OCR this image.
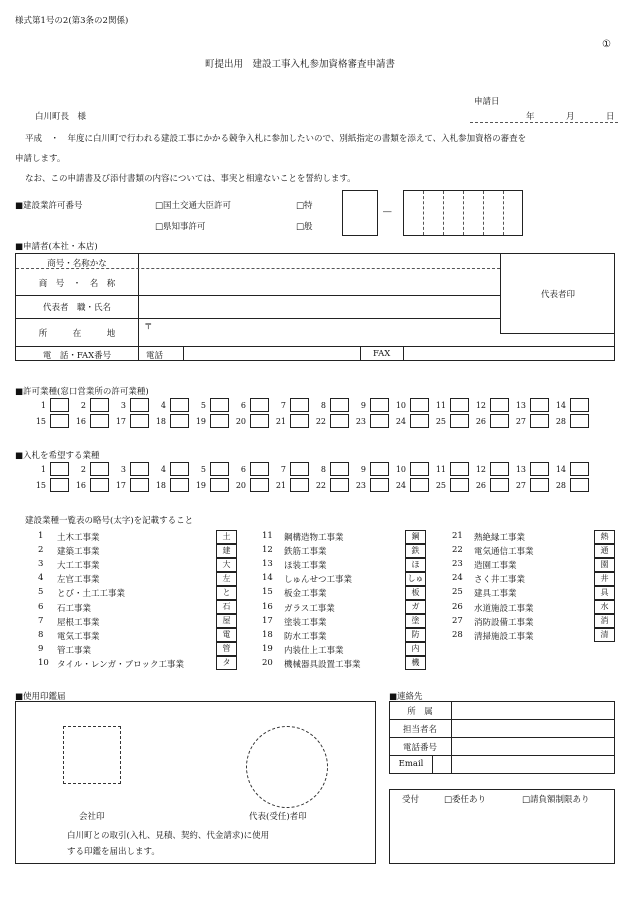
様式第1号の2(第3条の2関係)
①
町提出用　建設工事入札参加資格審査申請書
申請日
年	月	日
白川町長　様
平成　・　年度に白川町で行われる建設工事にかかる競争入札に参加したいので、別紙指定の書類を添えて、入札参加資格の審査を
申請します。
なお、この申請書及び添付書類の内容については、事実と相違ないことを誓約します。
■建設業許可番号	□国土交通大臣許可
□県知事許可
□特
□般
―
■申請者(本社・本店)
商号・名称かな
商　号　・　名　称
代表者　職・氏名
所　　　在　　　地
〒
代表者印
電　話・FAX番号	電話	FAX
■許可業種(窓口営業所の許可業種)
1	2	3	4	5	6	7	8	9	10	11	12	13	14
15	16	17	18	19	20	21	22	23	24	25	26	27	28
■入札を希望する業種
1	2	3	4	5	6	7	8	9	10	11	12	13	14
15	16	17	18	19	20	21	22	23	24	25	26	27	28
建設業種一覧表の略号(太字)を記載すること
1 土木工事業	土
2 建築工事業	建
3 大工工事業	大
4 左官工事業	左
5 とび・土工工事業	と
6 石工事業	石
7 屋根工事業	屋
8 電気工事業	電
9 管工事業	管
10 タイル・レンガ・ブロック工事業	タ
11 鋼構造物工事業	鋼
12 鉄筋工事業	鉄
13 ほ装工事業	ほ
14 しゅんせつ工事業	しゅ
15 板金工事業	板
16 ガラス工事業	ガ
17 塗装工事業	塗
18 防水工事業	防
19 内装仕上工事業	内
20 機械器具設置工事業	機
21 熱絶縁工事業	熱
22 電気通信工事業	通
23 造園工事業	園
24 さく井工事業	井
25 建具工事業	具
26 水道施設工事業	水
27 消防設備工事業	消
28 清掃施設工事業	清
■使用印鑑届
会社印	代表(受任)者印
白川町との取引(入札、見積、契約、代金請求)に使用
する印鑑を届出します。
■連絡先
所　属
担当者名
電話番号
Email
受付	□委任あり	□請負額制限あり
